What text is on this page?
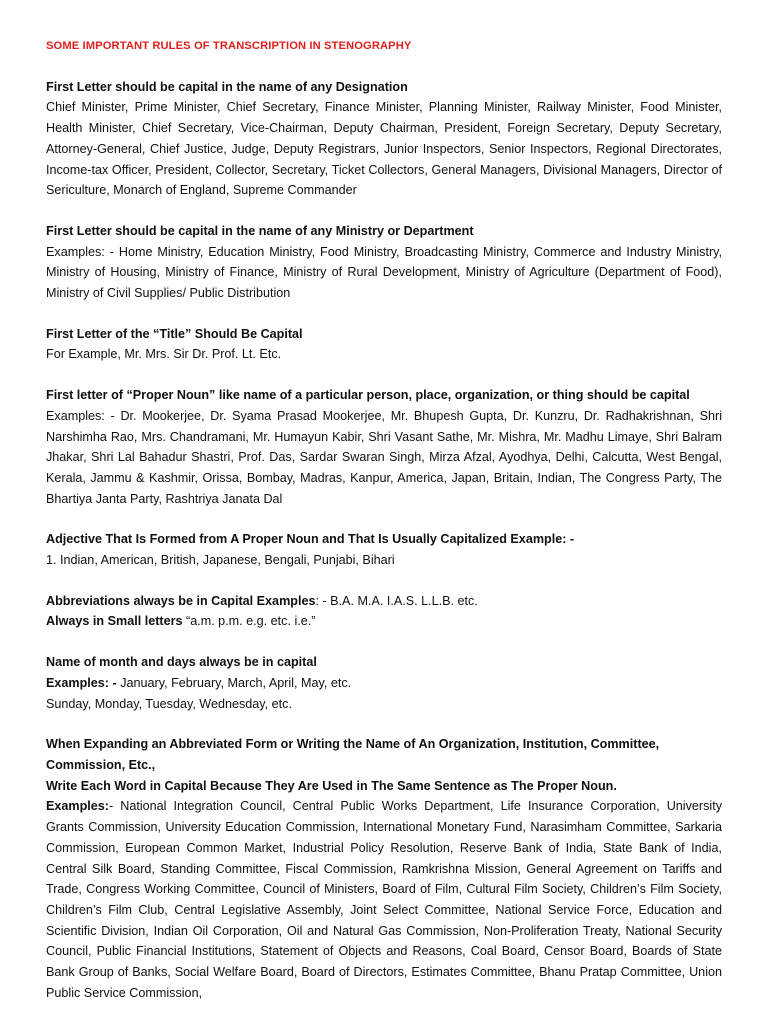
SOME IMPORTANT RULES OF TRANSCRIPTION IN STENOGRAPHY

First Letter should be capital in the name of any Designation

Chief Minister, Prime Minister, Chief Secretary, Finance Minister, Planning Minister, Railway Minister, Food Minister, Health Minister, Chief Secretary, Vice-Chairman, Deputy Chairman, President, Foreign Secretary, Deputy Secretary, Attorney-General, Chief Justice, Judge, Deputy Registrars, Junior Inspectors, Senior Inspectors, Regional Directorates, Income-tax Officer, President, Collector, Secretary, Ticket Collectors, General Managers, Divisional Managers, Director of Sericulture, Monarch of England, Supreme Commander

First Letter should be capital in the name of any Ministry or Department

Examples: - Home Ministry, Education Ministry, Food Ministry, Broadcasting Ministry, Commerce and Industry Ministry, Ministry of Housing, Ministry of Finance, Ministry of Rural Development, Ministry of Agriculture (Department of Food), Ministry of Civil Supplies/ Public Distribution

First Letter of the “Title” Should Be Capital

For Example, Mr. Mrs. Sir Dr. Prof. Lt. Etc.

First letter of “Proper Noun” like name of a particular person, place, organization, or thing should be capital

Examples: - Dr. Mookerjee, Dr. Syama Prasad Mookerjee, Mr. Bhupesh Gupta, Dr. Kunzru, Dr. Radhakrishnan, Shri Narshimha Rao, Mrs. Chandramani, Mr. Humayun Kabir, Shri Vasant Sathe, Mr. Mishra, Mr. Madhu Limaye, Shri Balram Jhakar, Shri Lal Bahadur Shastri, Prof. Das, Sardar Swaran Singh, Mirza Afzal, Ayodhya, Delhi, Calcutta, West Bengal, Kerala, Jammu & Kashmir, Orissa, Bombay, Madras, Kanpur, America, Japan, Britain, Indian, The Congress Party, The Bhartiya Janta Party, Rashtriya Janata Dal

Adjective That Is Formed from A Proper Noun and That Is Usually Capitalized Example: -

1. Indian, American, British, Japanese, Bengali, Punjabi, Bihari

Abbreviations always be in Capital Examples: - B.A. M.A. I.A.S. L.L.B. etc.

Always in Small letters “a.m. p.m. e.g. etc. i.e.”

Name of month and days always be in capital

Examples: - January, February, March, April, May, etc.

Sunday, Monday, Tuesday, Wednesday, etc.

When Expanding an Abbreviated Form or Writing the Name of An Organization, Institution, Committee, Commission, Etc.,

Write Each Word in Capital Because They Are Used in The Same Sentence as The Proper Noun.

Examples:- National Integration Council, Central Public Works Department, Life Insurance Corporation, University Grants Commission, University Education Commission, International Monetary Fund, Narasimham Committee, Sarkaria Commission, European Common Market, Industrial Policy Resolution, Reserve Bank of India, State Bank of India, Central Silk Board, Standing Committee, Fiscal Commission, Ramkrishna Mission, General Agreement on Tariffs and Trade, Congress Working Committee, Council of Ministers, Board of Film, Cultural Film Society, Children’s Film Society, Children’s Film Club, Central Legislative Assembly, Joint Select Committee, National Service Force, Education and Scientific Division, Indian Oil Corporation, Oil and Natural Gas Commission, Non-Proliferation Treaty, National Security Council, Public Financial Institutions, Statement of Objects and Reasons, Coal Board, Censor Board, Boards of State Bank Group of Banks, Social Welfare Board, Board of Directors, Estimates Committee, Bhanu Pratap Committee, Union Public Service Commission,
